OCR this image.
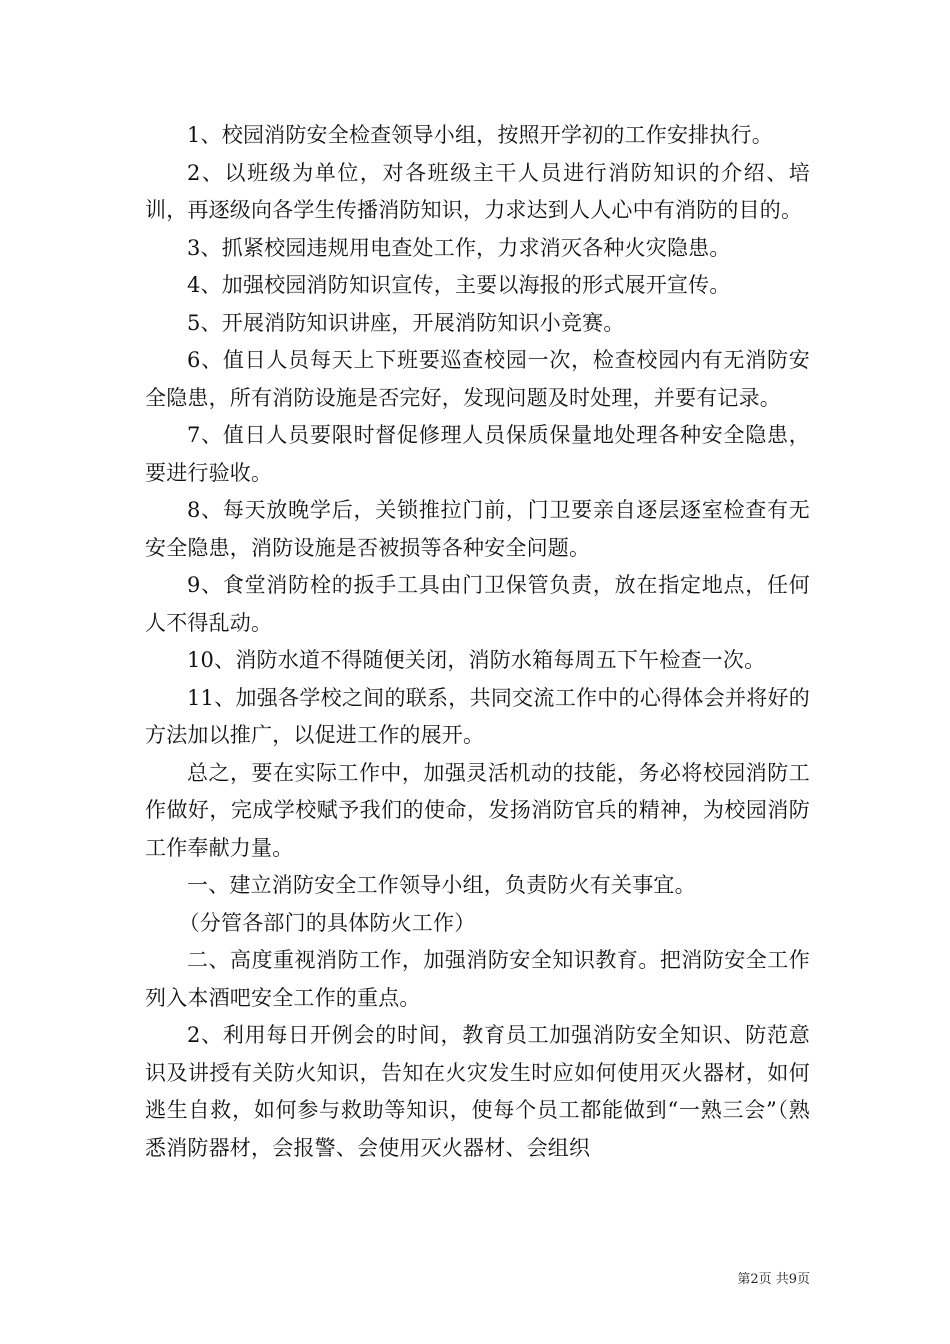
1、校园消防安全检查领导小组，按照开学初的工作安排执行。

2、以班级为单位，对各班级主干人员进行消防知识的介绍、培训，再逐级向各学生传播消防知识，力求达到人人心中有消防的目的。

3、抓紧校园违规用电查处工作，力求消灭各种火灾隐患。

4、加强校园消防知识宣传，主要以海报的形式展开宣传。

5、开展消防知识讲座，开展消防知识小竞赛。

6、值日人员每天上下班要巡查校园一次，检查校园内有无消防安全隐患，所有消防设施是否完好，发现问题及时处理，并要有记录。

7、值日人员要限时督促修理人员保质保量地处理各种安全隐患，要进行验收。

8、每天放晚学后，关锁推拉门前，门卫要亲自逐层逐室检查有无安全隐患，消防设施是否被损等各种安全问题。

9、食堂消防栓的扳手工具由门卫保管负责，放在指定地点，任何人不得乱动。

10、消防水道不得随便关闭，消防水箱每周五下午检查一次。

11、加强各学校之间的联系，共同交流工作中的心得体会并将好的方法加以推广，以促进工作的展开。

总之，要在实际工作中，加强灵活机动的技能，务必将校园消防工作做好，完成学校赋予我们的使命，发扬消防官兵的精神，为校园消防工作奉献力量。

一、建立消防安全工作领导小组，负责防火有关事宜。

（分管各部门的具体防火工作）

二、高度重视消防工作，加强消防安全知识教育。把消防安全工作列入本酒吧安全工作的重点。

2、利用每日开例会的时间，教育员工加强消防安全知识、防范意识及讲授有关防火知识，告知在火灾发生时应如何使用灭火器材，如何逃生自救，如何参与救助等知识，使每个员工都能做到“一熟三会”（熟悉消防器材，会报警、会使用灭火器材、会组织

第2页 共9页
